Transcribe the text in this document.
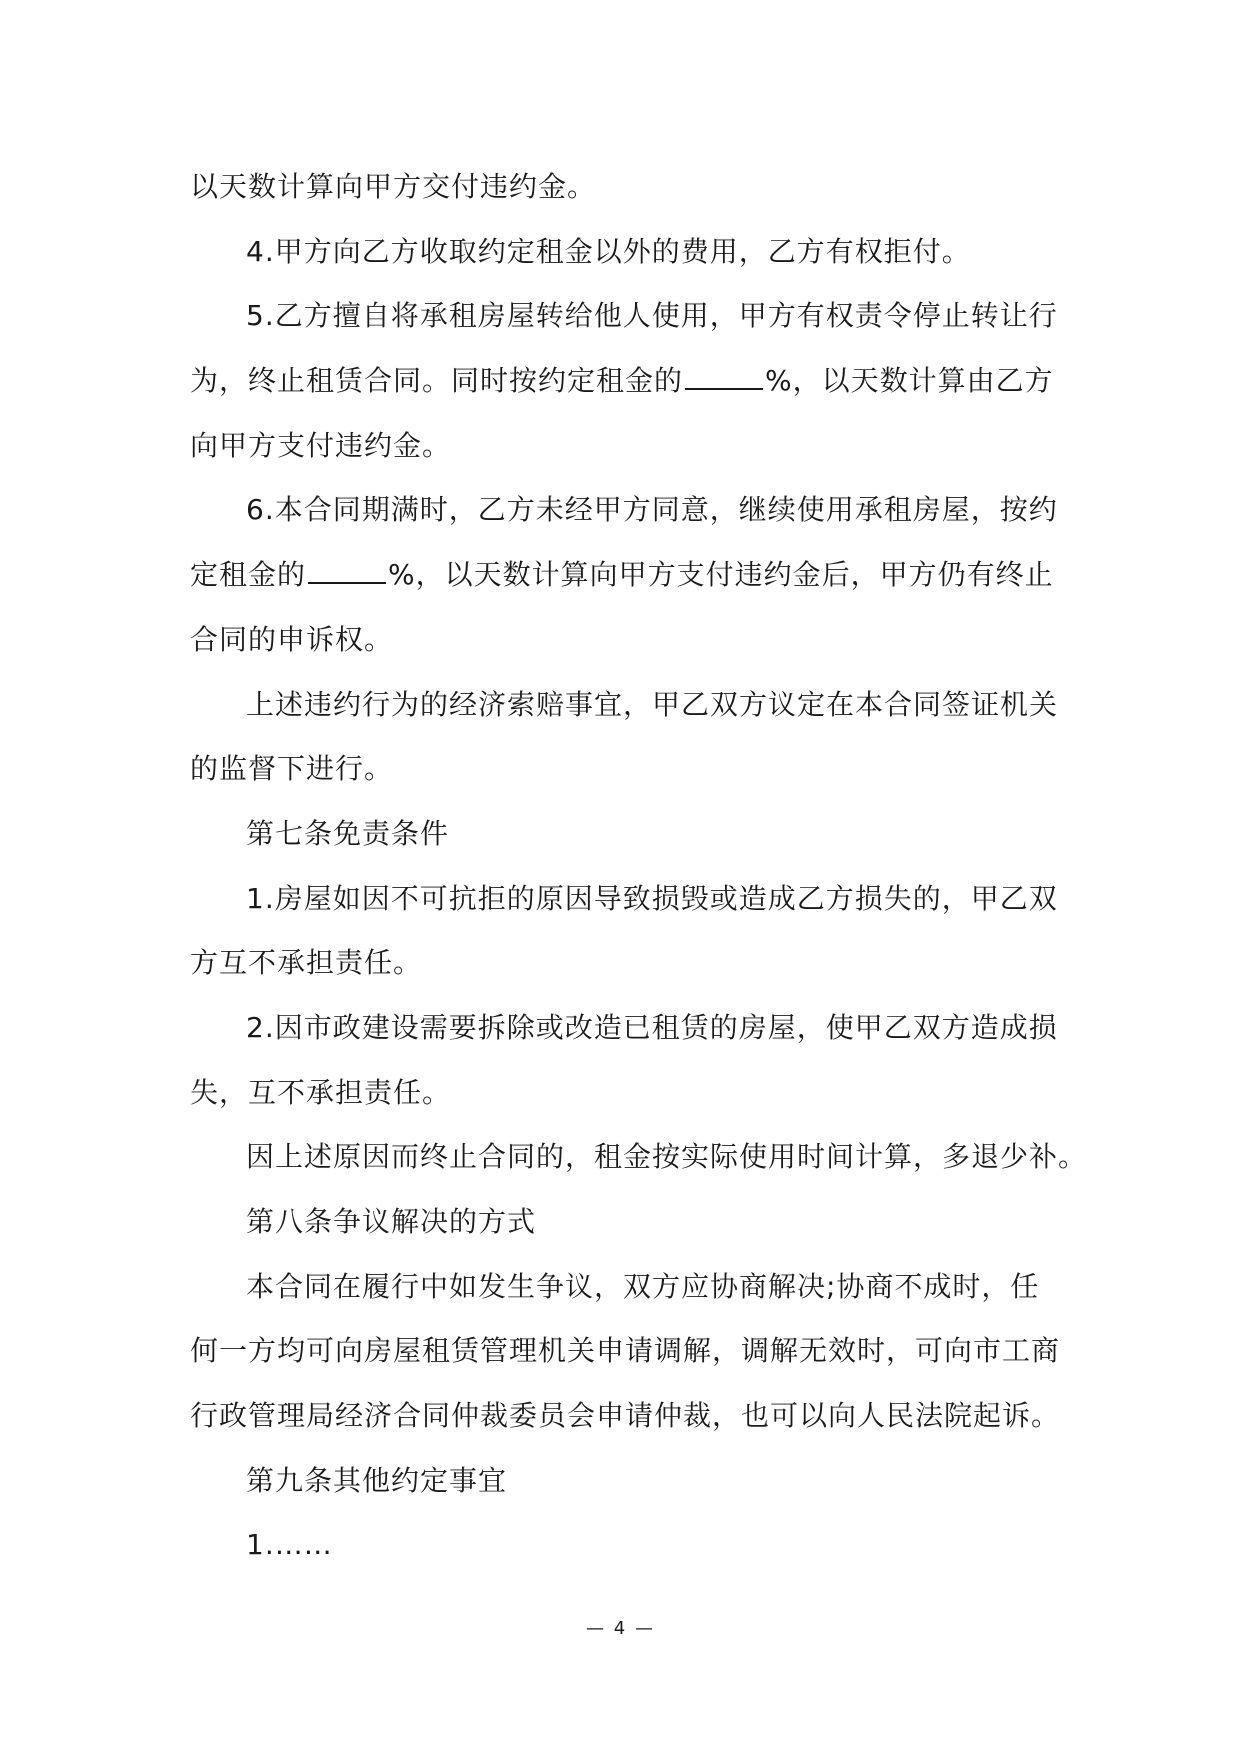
以天数计算向甲方交付违约金。
4.甲方向乙方收取约定租金以外的费用，乙方有权拒付。
5.乙方擅自将承租房屋转给他人使用，甲方有权责令停止转让行
为，终止租赁合同。同时按约定租金的	%，以天数计算由乙方
向甲方支付违约金。
6.本合同期满时，乙方未经甲方同意，继续使用承租房屋，按约
定租金的	%，以天数计算向甲方支付违约金后，甲方仍有终止
合同的申诉权。
上述违约行为的经济索赔事宜，甲乙双方议定在本合同签证机关
的监督下进行。
第七条免责条件
1.房屋如因不可抗拒的原因导致损毁或造成乙方损失的，甲乙双
方互不承担责任。
2.因市政建设需要拆除或改造已租赁的房屋，使甲乙双方造成损
失，互不承担责任。
因上述原因而终止合同的，租金按实际使用时间计算，多退少补。
第八条争议解决的方式
本合同在履行中如发生争议，双方应协商解决;协商不成时，任
何一方均可向房屋租赁管理机关申请调解，调解无效时，可向市工商
行政管理局经济合同仲裁委员会申请仲裁，也可以向人民法院起诉。
第九条其他约定事宜
1.……
— 4 —
